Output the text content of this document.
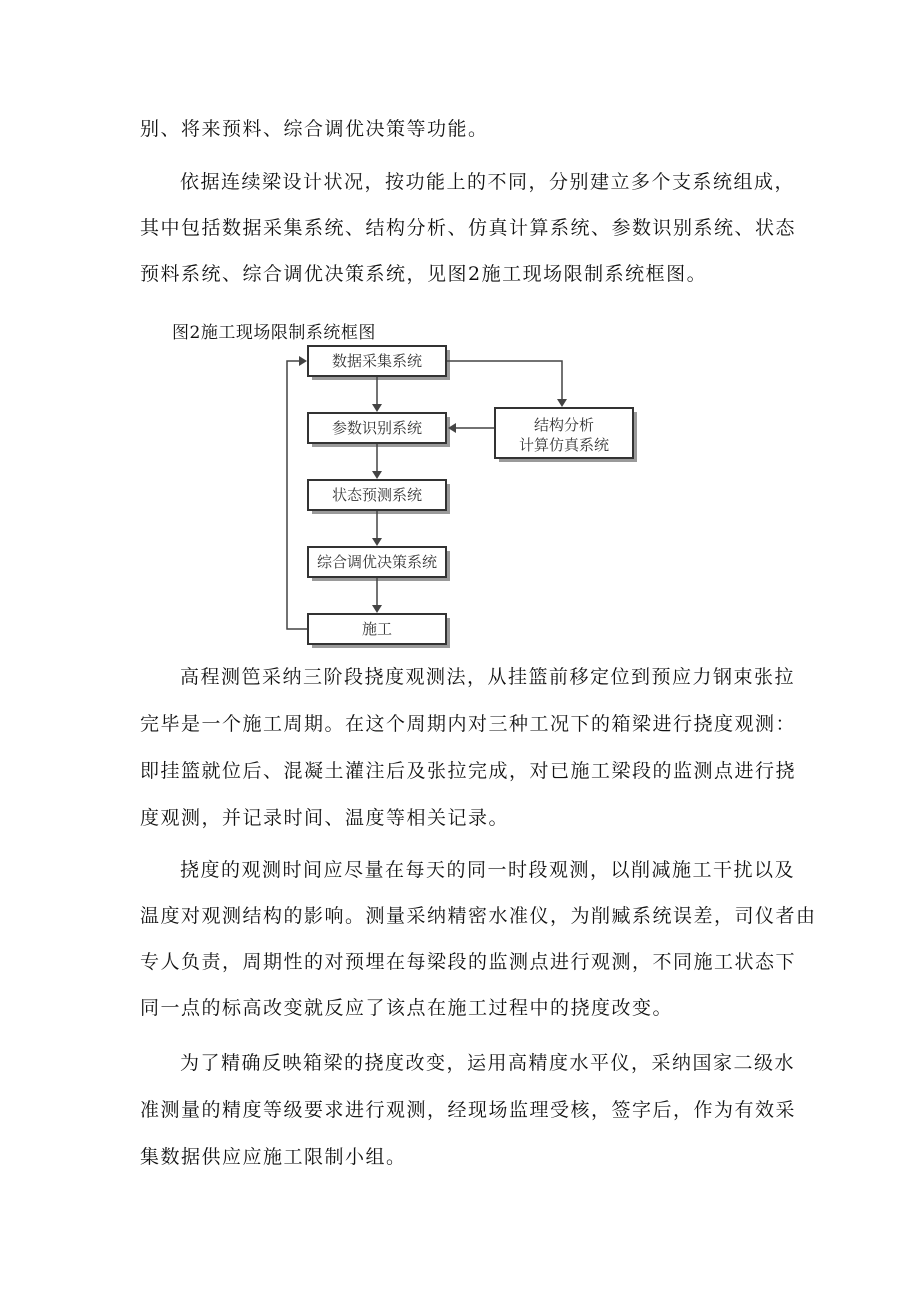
别、将来预料、综合调优决策等功能。
依据连续梁设计状况，按功能上的不同，分别建立多个支系统组成，
其中包括数据采集系统、结构分析、仿真计算系统、参数识别系统、状态
预料系统、综合调优决策系统，见图2施工现场限制系统框图。
图2施工现场限制系统框图
数据采集系统
参数识别系统
状态预测系统
综合调优决策系统
施工
结构分析
计算仿真系统
高程测笆采纳三阶段挠度观测法，从挂篮前移定位到预应力钢束张拉
完毕是一个施工周期。在这个周期内对三种工况下的箱梁进行挠度观测：
即挂篮就位后、混凝土灌注后及张拉完成，对已施工梁段的监测点进行挠
度观测，并记录时间、温度等相关记录。
挠度的观测时间应尽量在每天的同一时段观测，以削减施工干扰以及
温度对观测结构的影响。测量采纳精密水准仪，为削臧系统误差，司仪者由
专人负责，周期性的对预埋在每梁段的监测点进行观测，不同施工状态下
同一点的标高改变就反应了该点在施工过程中的挠度改变。
为了精确反映箱梁的挠度改变，运用高精度水平仪，采纳国家二级水
准测量的精度等级要求进行观测，经现场监理受核，签字后，作为有效采
集数据供应应施工限制小组。
